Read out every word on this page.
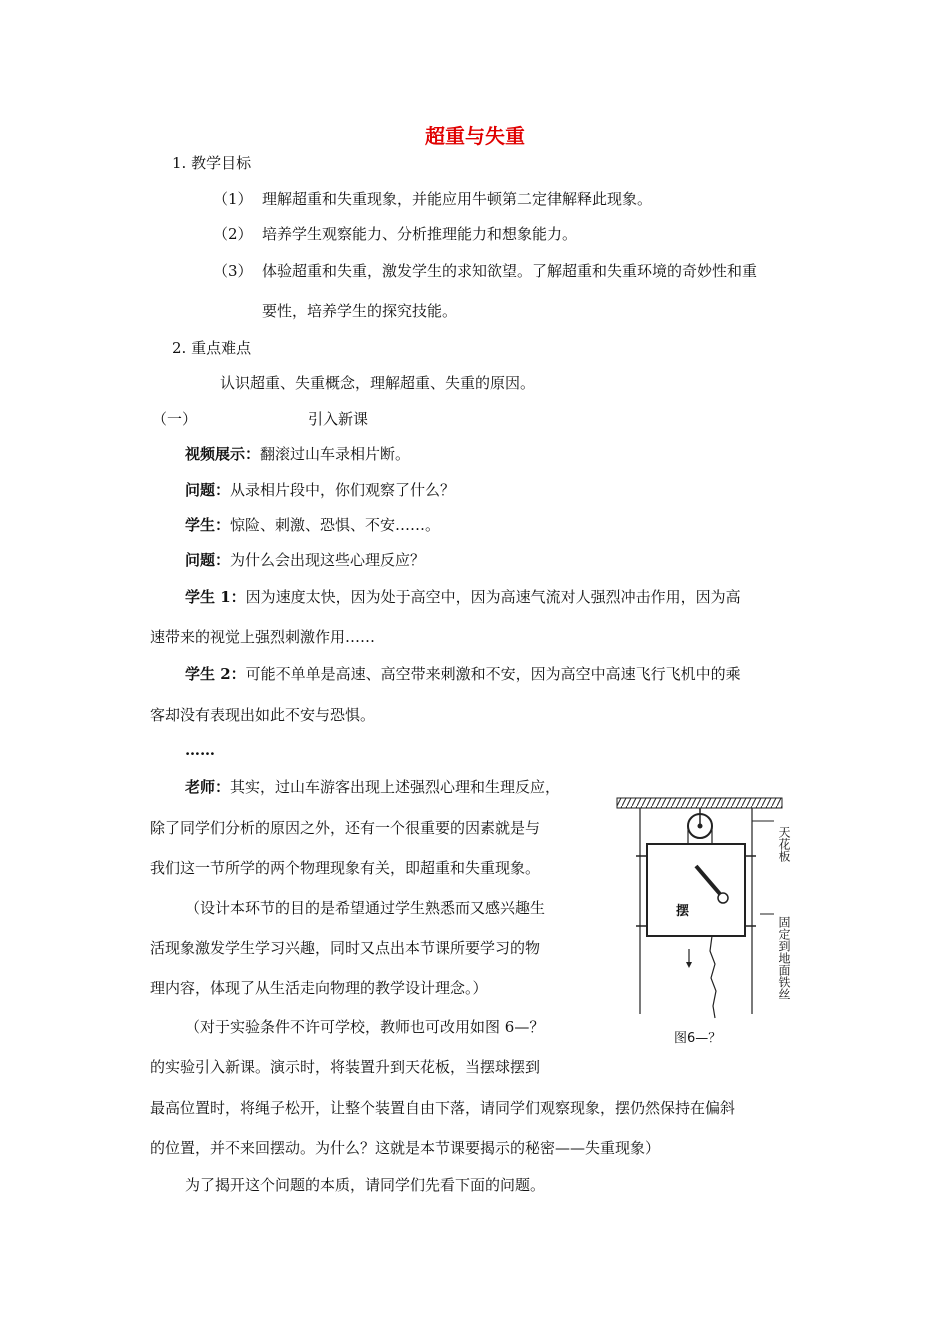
超重与失重
1. 教学目标
（1） 理解超重和失重现象，并能应用牛顿第二定律解释此现象。
（2） 培养学生观察能力、分析推理能力和想象能力。
（3） 体验超重和失重，激发学生的求知欲望。了解超重和失重环境的奇妙性和重
要性，培养学生的探究技能。
2. 重点难点
认识超重、失重概念，理解超重、失重的原因。
（一）	引入新课
视频展示：翻滚过山车录相片断。
问题：从录相片段中，你们观察了什么？
学生：惊险、刺激、恐惧、不安……。
问题：为什么会出现这些心理反应？
学生 1：因为速度太快，因为处于高空中，因为高速气流对人强烈冲击作用，因为高
速带来的视觉上强烈刺激作用……
学生 2：可能不单单是高速、高空带来刺激和不安，因为高空中高速飞行飞机中的乘
客却没有表现出如此不安与恐惧。
……
老师：其实，过山车游客出现上述强烈心理和生理反应，
除了同学们分析的原因之外，还有一个很重要的因素就是与
我们这一节所学的两个物理现象有关，即超重和失重现象。
（设计本环节的目的是希望通过学生熟悉而又感兴趣生
活现象激发学生学习兴趣，同时又点出本节课所要学习的物
理内容，体现了从生活走向物理的教学设计理念。）
（对于实验条件不许可学校，教师也可改用如图 6—？
的实验引入新课。演示时，将装置升到天花板，当摆球摆到
最高位置时，将绳子松开，让整个装置自由下落，请同学们观察现象，摆仍然保持在偏斜
的位置，并不来回摆动。为什么？这就是本节课要揭示的秘密——失重现象）
为了揭开这个问题的本质，请同学们先看下面的问题。
摆
天花板
固定到地面铁丝
图6—？
